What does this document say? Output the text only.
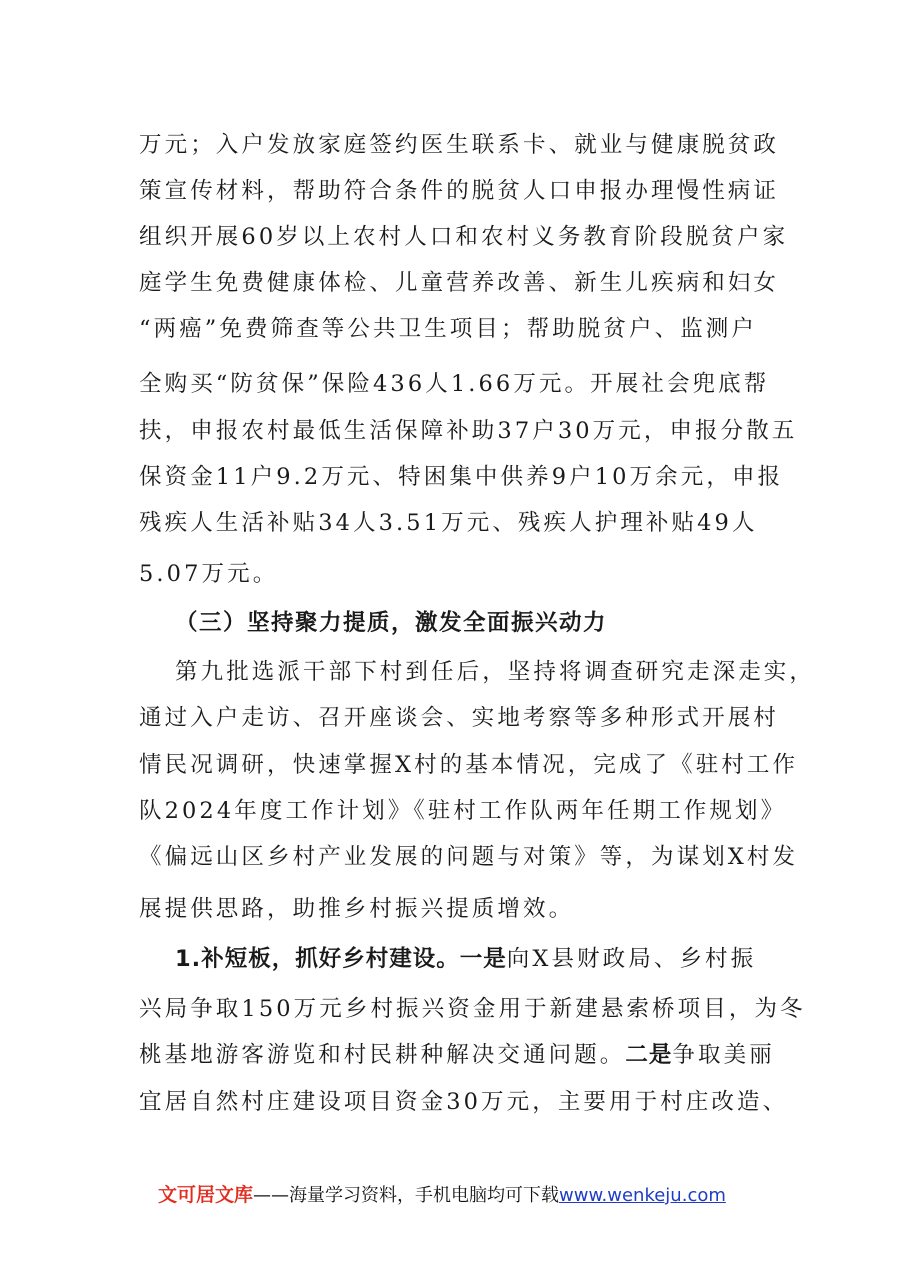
万元；入户发放家庭签约医生联系卡、就业与健康脱贫政
策宣传材料，帮助符合条件的脱贫人口申报办理慢性病证
组织开展60岁以上农村人口和农村义务教育阶段脱贫户家
庭学生免费健康体检、儿童营养改善、新生儿疾病和妇女
“两癌”免费筛查等公共卫生项目；帮助脱贫户、监测户
全购买“防贫保”保险436人1.66万元。开展社会兜底帮
扶，申报农村最低生活保障补助37户30万元，申报分散五
保资金11户9.2万元、特困集中供养9户10万余元，申报
残疾人生活补贴34人3.51万元、残疾人护理补贴49人
5.07万元。
（三）坚持聚力提质，激发全面振兴动力
第九批选派干部下村到任后，坚持将调查研究走深走实，
通过入户走访、召开座谈会、实地考察等多种形式开展村
情民况调研，快速掌握X村的基本情况，完成了《驻村工作
队2024年度工作计划》《驻村工作队两年任期工作规划》
《偏远山区乡村产业发展的问题与对策》等，为谋划X村发
展提供思路，助推乡村振兴提质增效。
1.补短板，抓好乡村建设。一是向X县财政局、乡村振
兴局争取150万元乡村振兴资金用于新建悬索桥项目，为冬
桃基地游客游览和村民耕种解决交通问题。二是争取美丽
宜居自然村庄建设项目资金30万元，主要用于村庄改造、
文可居文库——海量学习资料，手机电脑均可下载www.wenkeju.com
